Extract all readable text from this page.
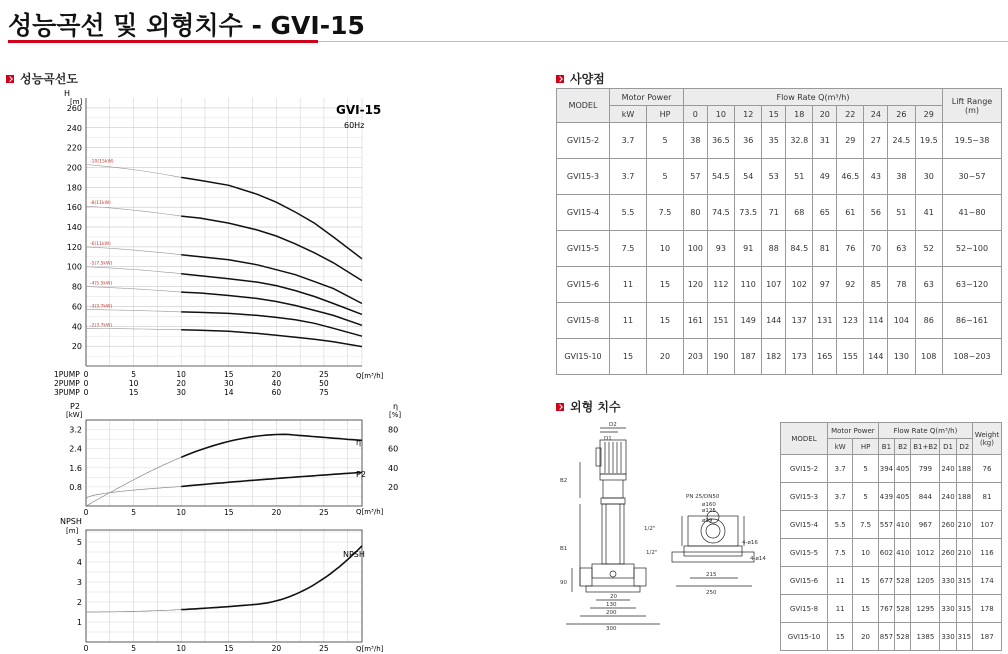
성능곡선 및 외형치수 - GVI-15
성능곡선도	사양점
외형 치수
H
[m]
GVI-15
60Hz
260
240
220
200
180
160
140
120
100
80
60
40
20
-10(15kW)
-8(11kW)
-6(11kW)
-5(7.5kW)
-4(5.5kW)
-3(3.7kW)
-2(3.7kW)
Q[m³/h]
1PUMP 0	5	10	15	20	25
2PUMP 0	10	20	30	40	50
3PUMP 0	15	30	14	60	75
P2
[kW]
η
[%]
3.2
2.4
1.6
0.8
80
60
40
20
0	5	10	15	20	25
η
P2
Q[m³/h]
NPSH
[m]
5
4
3
2
1
0	5	10	15	20	25
NPSH
Q[m³/h]
MODEL	Motor Power		Flow Rate Q(m³/h)										Lift Range
(m)
	kW	HP	0	10	12	15	18	20	22	24	26	29	
GVI15-2	3.7	5	38	36.5	36	35	32.8	31	29	27	24.5	19.5	19.5~38
GVI15-3	3.7	5	57	54.5	54	53	51	49	46.5	43	38	30	30~57
GVI15-4	5.5	7.5	80	74.5	73.5	71	68	65	61	56	51	41	41~80
GVI15-5	7.5	10	100	93	91	88	84.5	81	76	70	63	52	52~100
GVI15-6	11	15	120	112	110	107	102	97	92	85	78	63	63~120
GVI15-8	11	15	161	151	149	144	137	131	123	114	104	86	86~161
GVI15-10	15	20	203	190	187	182	173	165	155	144	130	108	108~203
D2
D1
B2
B1
90
1/2"
1/2"
20
130
200
300
PN 25/DN50
ø160
ø125
ø99
4-ø16
4-ø14
215
250
MODEL	Motor Power		Flow Rate Q(m³/h)					Weight
(kg)
	kW	HP	B1	B2	B1+B2	D1	D2	
GVI15-2	3.7	5	394	405	799	240	188	76
GVI15-3	3.7	5	439	405	844	240	188	81
GVI15-4	5.5	7.5	557	410	967	260	210	107
GVI15-5	7.5	10	602	410	1012	260	210	116
GVI15-6	11	15	677	528	1205	330	315	174
GVI15-8	11	15	767	528	1295	330	315	178
GVI15-10	15	20	857	528	1385	330	315	187
